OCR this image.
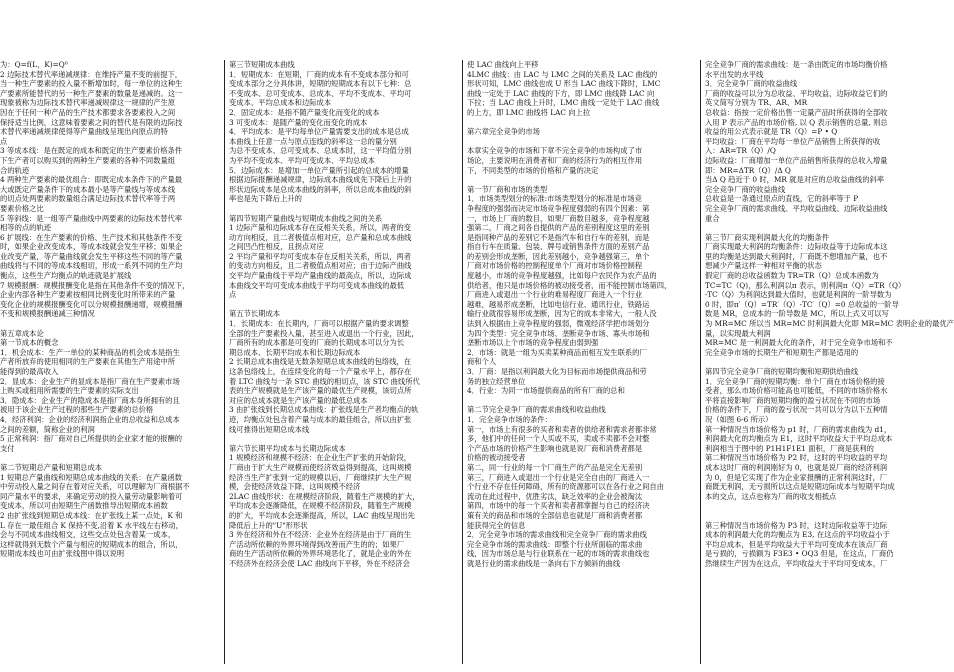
为：Q=f(L，K)=Q⁰

2 边际技术替代率递减规律：在维持产量不变的前提下，

当一种生产要素的投入量不断增加时，每一单位的这种生

产要素所能替代的另一种生产要素的数量是递减的。这一

现象被称为边际技术替代率递减规律这一规律的产生原

因在于任何一种产品的生产技术都要求各要素投入之间

保持适当比例，这意味着要素之间的替代是有限的边际技

术替代率递减规律使得等产量曲线呈现出向原点的特

点

3 等成本线：是在既定的成本和既定的生产要素价格条件

下生产者可以购买到的两种生产要素的各种不同数量组

合的轨迹

4 两种生产要素的最优组合：即既定成本条件下的产量最

大或既定产量条件下的成本最小是等产量线与等成本线

的切点处两要素的数量组合满足边际技术替代率等于两

要素价格之比

5 等斜线：是一组等产量曲线中两要素的边际技术替代率

相等的点的轨迹

6 扩展线：在生产要素的价格、生产技术和其他条件不变

时，如果企业改变成本，等成本线就会发生平移；如果企

业改变产量，等产量曲线就会发生平移这些不同的等产量

曲线将与不同的等成本线相切，形成一系列不同的生产均

衡点，这些生产均衡点的轨迹就是扩展线

7 规模报酬：规模报酬变化是指在其他条件不变的情况下，

企业内部各种生产要素按相同比例变化时所带来的产量

变化企业的规模报酬变化可以分规模报酬递增，规模报酬

不变和规模报酬递减三种情况

第五章成本论

第一节成本的概念

1．机会成本：生产一单位的某种商品的机会成本是指生

产者所放弃的使用相同的生产要素在其他生产用途中所

能得到的最高收入

2．显成本：企业生产的显成本是指厂商在生产要素市场

上购买或租用所需要的生产要素的实际支出

3．隐成本：企业生产的隐成本是指厂商本身所拥有的且

被用于该企业生产过程的那些生产要素的总价格

4．经济利润：企业的经济利润指企业的总收益和总成本

之间的差额，简称企业的利润

5 正常利润：指厂商对自己所提供的企业家才能的报酬的

支付

第二节短期总产量和短期总成本

1 短期总产量曲线和短期总成本曲线的关系：在产量函数

中劳动投入量之间存在着对应关系，可以理解为厂商根据不

同产量水平的要求，来确定劳动的投入量劳动量影响着可

变成本，所以可由短期生产函数推导出短期成本函数

2 由扩张线到短期总成本线：在扩张线上某一点处，K 和

L 存在一最佳组合 K 保持不变,沿着 K 水平线左右移动，

会与不同成本曲线相交，这些交点处包含着某一成本，

这样就得到无数个产量与相应的短期成本的组合，所以，

短期成本线也可由扩张线图中得以说明

第三节短期成本曲线

1．短期成本：在短期，厂商的成本有不变成本部分和可

变成本部分之分具体讲，短期的短期成本有以下七种：总

不变成本、总可变成本、总成本、平均不变成本、平均可

变成本、平均总成本和边际成本

2．固定成本：是指不随产量变化而变化的成本

3 可变成本：是随产量的变化而变化的成本

4．平均成本：是平均每单位产量需要支出的成本是总成

本曲线上任意一点与原点连线的斜率这一总的量分别

为总不变成本、总可变成本、总成本时，这一平均值分别

为平均不变成本、平均可变成本、平均总成本

5．边际成本：是增加一单位产量所引起的总成本的增量

根据边际报酬递减规律，边际成本曲线成先下降后上升的

形状边际成本是总成本曲线的斜率，所以总成本曲线的斜

率也是先下降后上升的

第四节短期产量曲线与短期成本曲线之间的关系

1 边际产量和边际成本存在反相关关系，所以，两者的变

动方向相反，且二者极值点相对应，总产量和总成本曲线

之间凹凸性相反，且拐点对应

2 平均产量和平均可变成本存在反相关关系，所以，两者

的变动方向相反，且二者极值点相对应；由于边际产曲线

交平均产量曲线于平均产量曲线的最高点，所以，边际成

本曲线交平均可变成本曲线于平均可变成本曲线的最低

点

第五节长期成本

1．长期成本：在长期内，厂商可以根据产量的要求调整

全部的生产要素投入量，甚至进入或退出一个行业，因此，

厂商所有的成本都是可变的厂商的长期成本可以分为长

期总成本、长期平均成本和长期边际成本

2 长期总成本曲线是无数条短期总成本曲线的包络线，在

这条包络线上，在连续变化的每一个产量水平上，都存在

着 LTC 曲线与一条 STC 曲线的相切点，该 STC 曲线所代

表的生产规模就是生产该产量的最优生产规模，该切点所

对应的总成本就是生产该产量的最低总成本

3 由扩张线到长期总成本曲线：扩张线是生产者均衡点的轨

迹，均衡点处包含着产量与成本的最佳组合，所以由扩张

线可推得出短期总成本线

第六节长期平均成本与长期边际成本

1 规模经济和规模不经济：在企业生产扩张的开始阶段，

厂商由于扩大生产规模而使经济效益得到提高，这叫规模

经济当生产扩张到一定的规模以后，厂商继续扩大生产规

模，会使经济效益下降，这叫规模不经济

2LAC 曲线形状：在规模经济阶段，随着生产规模的扩大，

平均成本会逐渐降低，在规模不经济阶段，随着生产规模

的扩大，平均成本会逐渐提高，所以，LAC 曲线呈现出先

降低后上升的"U"形形状

3 外在经济和外在不经济：企业外在经济是由于厂商的生

产活动所依赖的外界环境得到改善而产生的的；如果厂

商的生产活动所依赖的外界环境恶化了，就是企业的外在

不经济外在经济会使 LAC 曲线向下平移，外在不经济会

使 LAC 曲线向上平移

4LMC 曲线：由 LAC 与 LMC 之间的关系及 LAC 曲线的

形状可知，LMC 曲线也成 U 形当 LAC 曲线下降时，LMC

曲线一定处于 LAC 曲线的下方，即 LMC 曲线降 LAC 向

下拉；当 LAC 曲线上升时，LMC 曲线一定处于 LAC 曲线

的上方，即 LMC 曲线将 LAC 向上拉

第六章完全竞争的市场

本章实全竞争的市场和下章不完全竞争的市场构成了市

场论，主要说明在消费者和厂商的经济行为的相互作用

下，不同类型的市场的价格和产量的决定

第一节厂商和市场的类型

1．市场类型划分的标准:市场类型划分的标准是市场竞

争程度的强弱而决定市场竞争程度强弱的有四个因素：第

一，市场上厂商的数目，如果厂商数目越多，竞争程度越

强第二，厂商之间各自提供的产品的差别程度这里的差别

是指同种产品的差别它不是指汽车和自行车的差别，而是

指自行车在质量、包装、牌号或销售条件方面的差别产品

的差别会形成垄断，因此差别越小，竞争越强第三，单个

厂商对市场价格的控制程度单个厂商对市场价格控制程

度越小，市场的竞争程度越强，比如每户农民作为农产品的

供给者，他只是市场价格的被动接受者，而不能控制市场第四，

厂商进入或退出一个行业的难易程度厂商进入一个行业

越难，越易形成垄断，比如电信行业、通讯行业，铁路运

输行业就很容易形成垄断，因为它的成本非常大，一般人没

法到入根据由上竞争程度的强弱，微观经济学把市场划分

为四个类型：完全竞争市场、垄断竞争市场、寡头市场和

垄断市场以上个市场的竞争程度由弱到强

2．市场：就是一组为买卖某种商品而相互发生联系的厂

商和个人

3．厂商：是指以利润最大化为目标而市场提供商品和劳

务的独立经营单位

4．行业：为同一市场提供商品的所有厂商的总和

第二节完全竞争厂商的需求曲线和收益曲线

1．完全竞争市场的条件：

第一，市场上有很多的买者和卖者的供给者和需求者都非常

多，他们中的任何一个人买或不买，卖或不卖都不会对整

个产品市场的价格产生影响也就是说厂商和消费者都是

价格的被动接受者

第二，同一行业的每一个厂商生产的产品是完全无差别

第三，厂商进入或退出一个行业是完全自由的厂商进入一

个行业不存在任何障碍，所有的资源都可以在各行业之间自由

流动在此过程中，优胜劣汰，缺乏效率的企业会被淘汰

第四，市场中的每一个买者和卖者都掌握与自己的经济决

策有关的商品和市场的全部信息也就是厂商和消费者都

能获得完全的信息

2．完全竞争市场的需求曲线和完全竞争厂商的需求曲线

完全竞争市场的需求曲线：即整个行业所面临的需求曲

线，因为市场总是与行业联系在一起的市场的需求曲线也

就是行业的需求曲线是一条向右下方倾斜的曲线

完全竞争厂商的需求曲线：是一条由既定的市场均衡价格

水平出发的水平线

3．完全竞争厂商的收益曲线

厂商的收益可以分为总收益、平均收益、边际收益它们的

英文简写分别为 TR、AR、MR

总收益：指按一定价格出售一定量产品时所获得的全部收

入用 P 表示产品的市场价格, 以 Q 表示销售的总量, 则总

收益的用公式表示就是 TR（Q）=P • Q

平均收益：厂商在平均每一单位产品销售上所获得的收

入：AR=TR（Q）/Q

边际收益：厂商增加一单位产品销售所获得的总收入增量

即：MR=ΔTR（Q）/Δ Q

当Δ Q 趋近于 0 时，MR 就是对应的总收益曲线的斜率

完全竞争厂商的收益曲线

总收益是一条通过原点的直线，它的斜率等于 P

完全竞争厂商的需求曲线、平均收益曲线、边际收益曲线

重合

第三节厂商实现利润最大化的均衡条件

厂商实现最大利润的均衡条件：边际收益等于边际成本这

里的均衡是达到最大利润时，厂商既不想增加产量，也不

想减少产量这样一种相对平衡的状态

假定厂商的总收益函数为 TR=TR（Q）总成本函数为

TC=TC（Q)，那么利润以π 表示，则利润π（Q）=TR（Q）

-TC（Q）为利润达到最大值时，也就是利润的一阶导数为

0 时，即π′（Q）=TR′（Q）-TC′（Q）=0 总收益的一阶导

数是 MR，总成本的一阶导数是 MC，所以上式又可以写

为 MR=MC 所以当 MR=MC 时利润最大化即 MR=MC 表明企业的最优产

量，以实现最大利润

MR=MC 是一利润最大化的条件，对于完全竞争市场和不

完全竞争市场的长期生产和短期生产都是适用的

第四节完全竞争厂商的短期均衡和短期供给曲线

1．完全竞争厂商的短期均衡：单个厂商在市场价格的接

受者，那么市场价格可能高也可能低，不同的市场价格水

平将直接影响厂商的短期均衡的盈亏状况在不同的市场

价格的条件下，厂商的盈亏状况一共可以分为以下五种情

况（如图 6-6 所示）

第一种情况当市场价格为 p1 时，厂商的需求曲线为 d1，

利润最大化的均衡点为 E1，这时平均收益大于平均总成本

利润相当于图中的 P1H1F1E1 面积，厂商是获利的

第二种情况当市场价格为 P2 时，这时的平均收益的平均

成本这时厂商的利润刚好为 0，也就是说厂商的经济利润

为 0，但是它实现了作为企业家报酬的正常利润这时，厂

商既无利润，无亏损所以这点是短期边际成本与短期平均成

本的交点，这点也称为厂商的收支相抵点

第三种情况当市场价格为 P3 时，这时边际收益等于边际

成本的利润最大化的均衡点为 E3, 在这点的平均收益小于

平均总成本，但是平均收益大于平均可变成本在该点厂商

是亏损的，亏损额为 F3E3 • OQ3 但是，在这点，厂商仍

然继续生产因为在这点，平均收益大于平均可变成本，厂
